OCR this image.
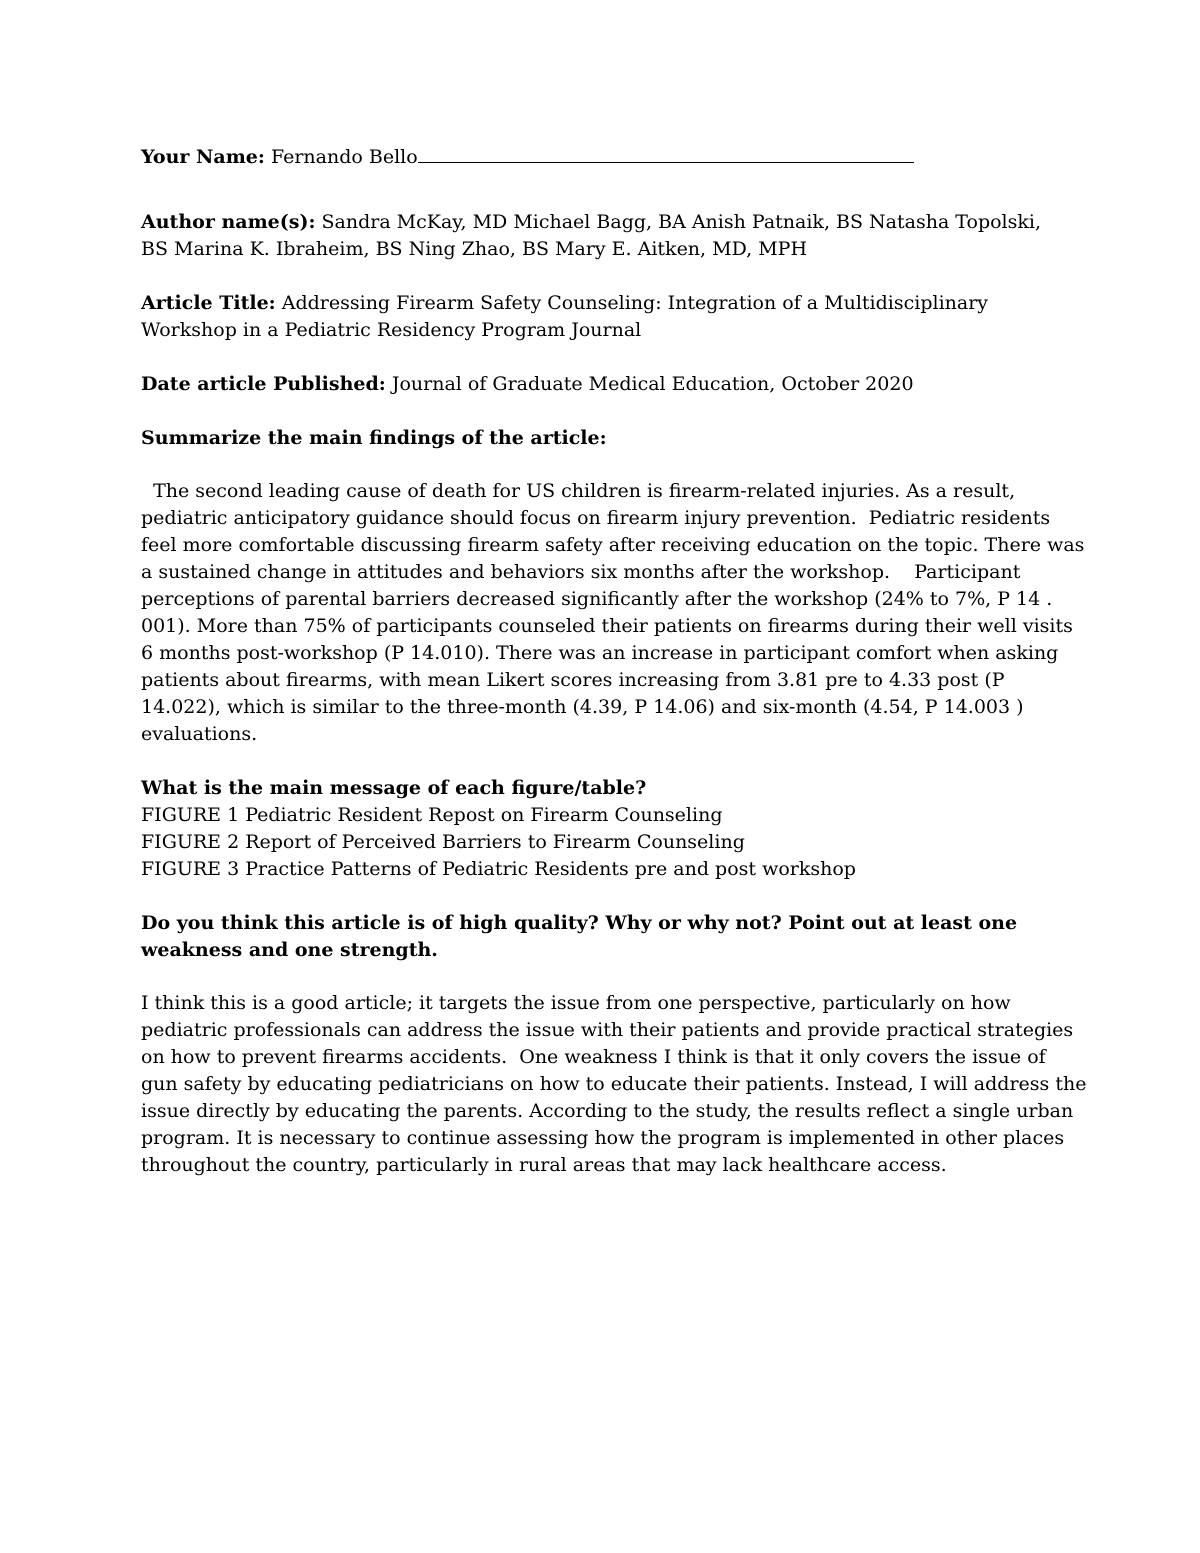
Your Name: Fernando Bello
Author name(s): Sandra McKay, MD Michael Bagg, BA Anish Patnaik, BS Natasha Topolski,
BS Marina K. Ibraheim, BS Ning Zhao, BS Mary E. Aitken, MD, MPH
Article Title: Addressing Firearm Safety Counseling: Integration of a Multidisciplinary
Workshop in a Pediatric Residency Program Journal
Date article Published: Journal of Graduate Medical Education, October 2020
Summarize the main findings of the article:
The second leading cause of death for US children is firearm-related injuries. As a result,
pediatric anticipatory guidance should focus on firearm injury prevention.  Pediatric residents
feel more comfortable discussing firearm safety after receiving education on the topic. There was
a sustained change in attitudes and behaviors six months after the workshop.    Participant
perceptions of parental barriers decreased significantly after the workshop (24% to 7%, P 14 .
001). More than 75% of participants counseled their patients on firearms during their well visits
6 months post-workshop (P 14.010). There was an increase in participant comfort when asking
patients about firearms, with mean Likert scores increasing from 3.81 pre to 4.33 post (P
14.022), which is similar to the three-month (4.39, P 14.06) and six-month (4.54, P 14.003 )
evaluations.
What is the main message of each figure/table?
FIGURE 1 Pediatric Resident Repost on Firearm Counseling
FIGURE 2 Report of Perceived Barriers to Firearm Counseling
FIGURE 3 Practice Patterns of Pediatric Residents pre and post workshop
Do you think this article is of high quality? Why or why not? Point out at least one
weakness and one strength.
I think this is a good article; it targets the issue from one perspective, particularly on how
pediatric professionals can address the issue with their patients and provide practical strategies
on how to prevent firearms accidents.  One weakness I think is that it only covers the issue of
gun safety by educating pediatricians on how to educate their patients. Instead, I will address the
issue directly by educating the parents. According to the study, the results reflect a single urban
program. It is necessary to continue assessing how the program is implemented in other places
throughout the country, particularly in rural areas that may lack healthcare access.
